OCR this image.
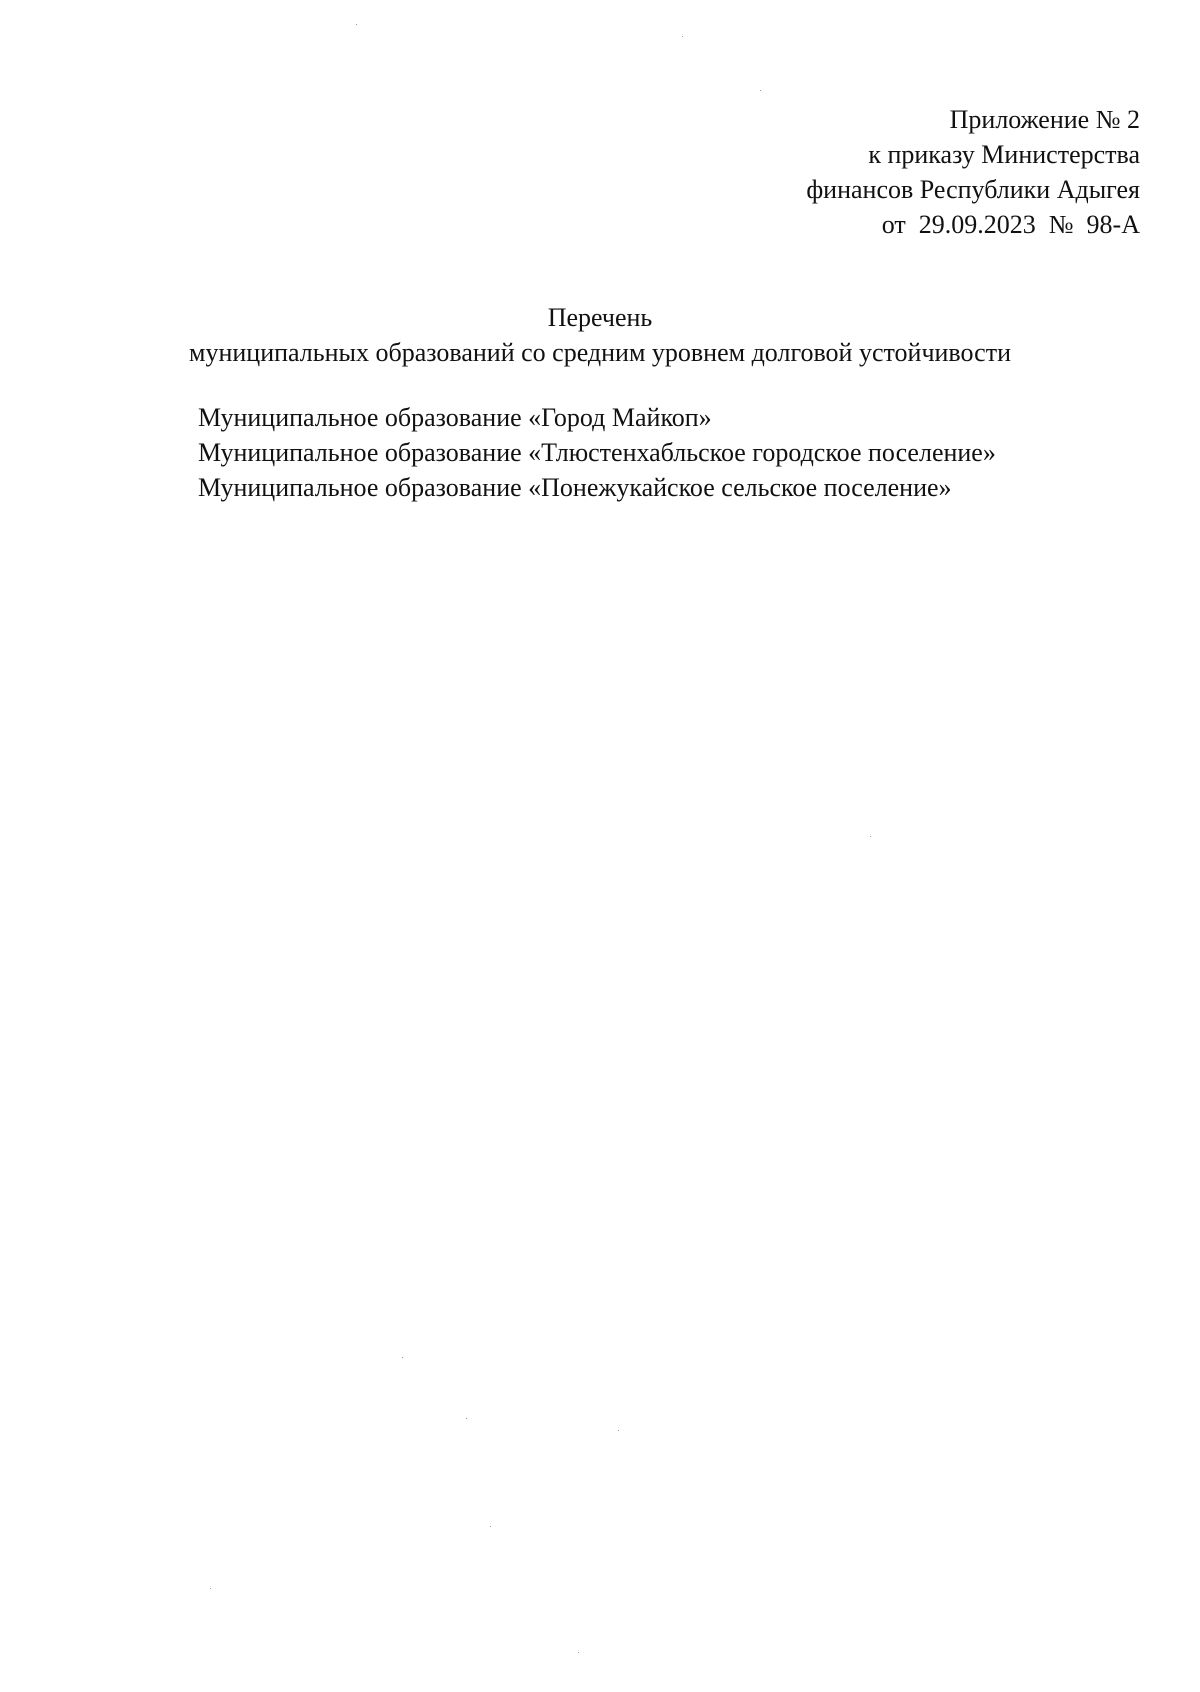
Приложение № 2
к приказу Министерства
финансов Республики Адыгея
от  29.09.2023  №  98-А
Перечень
муниципальных образований со средним уровнем долговой устойчивости
Муниципальное образование «Город Майкоп»
Муниципальное образование «Тлюстенхабльское городское поселение»
Муниципальное образование «Понежукайское сельское поселение»
